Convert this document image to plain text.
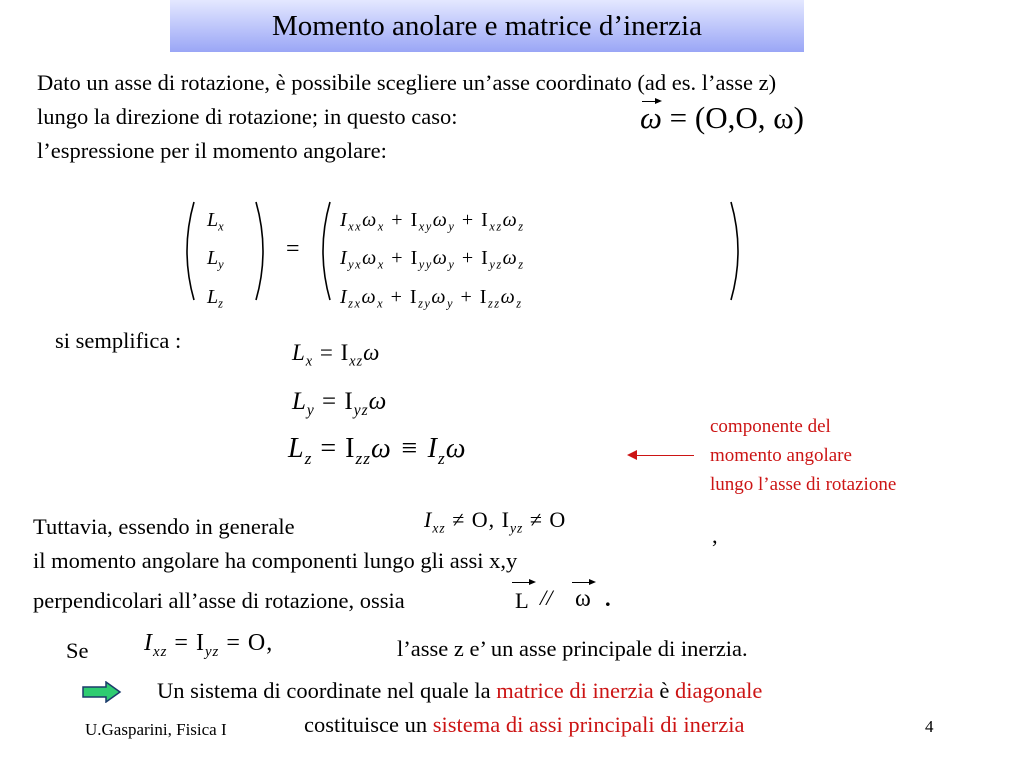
Momento anolare e matrice d’inerzia
Dato un asse di rotazione, è possibile scegliere un’asse coordinato (ad es. l’asse z)
lungo la direzione di rotazione; in questo caso:
l’espressione per il momento angolare:
ω = (O,O, ω)
$L_x$
$L_y$
$L_z$
=
$I_{xx}\omega_x + I_{xy}\omega_y + I_{xz}\omega_z$
$I_{yx}\omega_x + I_{yy}\omega_y + I_{yz}\omega_z$
$I_{zx}\omega_x + I_{zy}\omega_y + I_{zz}\omega_z$
si semplifica :	$L_x = I_{xz}\omega$
$L_y = I_{yz}\omega$
$L_z = I_{zz}\omega \equiv I_z\omega$
componente del
momento angolare
lungo l’asse di rotazione
Tuttavia, essendo in generale	$I_{xz} \ne O$, $I_{yz} \ne O$
,
il momento angolare ha componenti lungo gli assi x,y
perpendicolari all’asse di rotazione, ossia	L // ω .
Se $I_{xz} = I_{yz} = O$,	l’asse z e’ un asse principale di inerzia.
Un sistema di coordinate nel quale la matrice di inerzia è diagonale
costituisce un sistema di assi principali di inerzia
U.Gasparini, Fisica I	4
